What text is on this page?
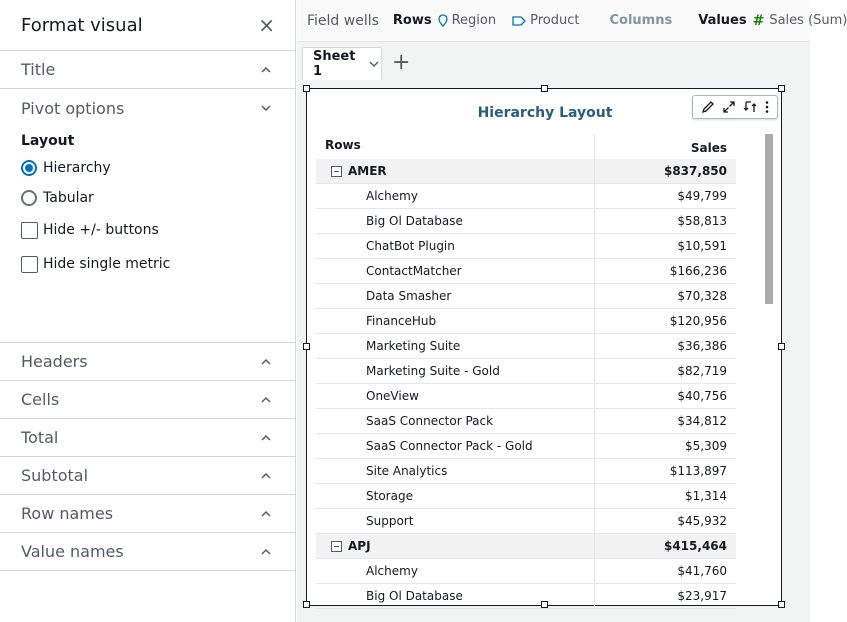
Format visual	×
Title
Pivot options
Layout
Hierarchy
Tabular
Hide +/- buttons
Hide single metric
Headers
Cells
Total
Subtotal
Row names
Value names
Field wells Rows Region	Product Columns Values # Sales (Sum)
Sheet 1	+
Hierarchy Layout
Rows	Sales
AMER	$837,850
Alchemy	$49,799
Big Ol Database	$58,813
ChatBot Plugin	$10,591
ContactMatcher	$166,236
Data Smasher	$70,328
FinanceHub	$120,956
Marketing Suite	$36,386
Marketing Suite - Gold	$82,719
OneView	$40,756
SaaS Connector Pack	$34,812
SaaS Connector Pack - Gold	$5,309
Site Analytics	$113,897
Storage	$1,314
Support	$45,932
APJ	$415,464
Alchemy	$41,760
Big Ol Database	$23,917
